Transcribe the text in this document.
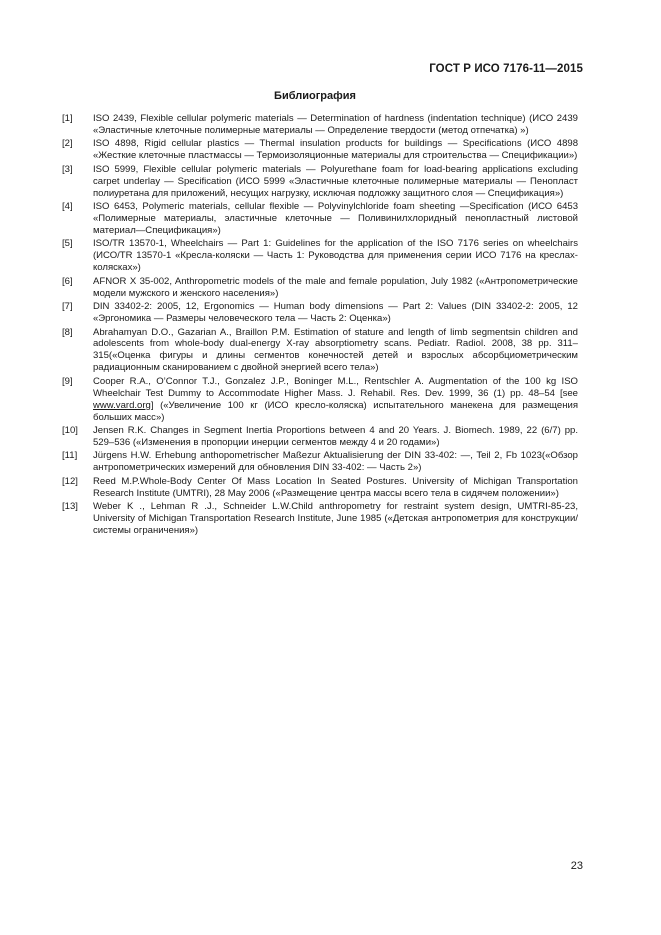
ГОСТ Р ИСО 7176-11—2015
Библиография
[1]	ISO 2439, Flexible cellular polymeric materials — Determination of hardness (indentation technique) (ИСО 2439 «Эластичные клеточные полимерные материалы — Определение твердости (метод отпечатка) »)
[2]	ISO 4898, Rigid cellular plastics — Thermal insulation products for buildings — Specifications (ИСО 4898 «Жесткие клеточные пластмассы — Термоизоляционные материалы для строительства — Спецификации»)
[3]	ISO 5999, Flexible cellular polymeric materials — Polyurethane foam for load-bearing applications excluding carpet underlay — Specification (ИСО 5999 «Эластичные клеточные полимерные материалы — Пенопласт полиуретана для приложений, несущих нагрузку, исключая подложку защитного слоя — Спецификация»)
[4]	ISO 6453, Polymeric materials, cellular flexible — Polyvinylchloride foam sheeting —Specification (ИСО 6453 «Полимерные материалы, эластичные клеточные — Поливинилхлоридный пенопластный листовой материал—Спецификация»)
[5]	ISO/TR 13570-1, Wheelchairs — Part 1: Guidelines for the application of the ISO 7176 series on wheelchairs (ИСО/TR 13570-1 «Кресла-коляски — Часть 1: Руководства для применения серии ИСО 7176 на креслах-колясках»)
[6]	AFNOR X 35-002, Anthropometric models of the male and female population, July 1982 («Антропометрические модели мужского и женского населения»)
[7]	DIN 33402-2: 2005, 12, Ergonomics — Human body dimensions — Part 2: Values (DIN 33402-2: 2005, 12 «Эргономика — Размеры человеческого тела — Часть 2: Оценка»)
[8]	Abrahamyan D.O., Gazarian A., Braillon P.M. Estimation of stature and length of limb segmentsin children and adolescents from whole-body dual-energy X-ray absorptiometry scans. Pediatr. Radiol. 2008, 38 pp. 311–315(«Оценка фигуры и длины сегментов конечностей детей и взрослых абсорбциометрическим радиационным сканированием с двойной энергией всего тела»)
[9]	Cooper R.A., O’Connor T.J., Gonzalez J.P., Boninger M.L., Rentschler A. Augmentation of the 100 kg ISO Wheelchair Test Dummy to Accommodate Higher Mass. J. Rehabil. Res. Dev. 1999, 36 (1) pp. 48–54 [see www.vard.org] («Увеличение 100 кг (ИСО кресло-коляска) испытательного манекена для размещения больших масс»)
[10]	Jensen R.K. Changes in Segment Inertia Proportions between 4 and 20 Years. J. Biomech. 1989, 22 (6/7) pp. 529–536 («Изменения в пропорции инерции сегментов между 4 и 20 годами»)
[11]	Jürgens H.W. Erhebung anthopometrischer Maßezur Aktualisierung der DIN 33-402: —, Teil 2, Fb 1023(«Обзор антропометрических измерений для обновления DIN 33-402: — Часть 2»)
[12]	Reed M.P.Whole-Body Center Of Mass Location In Seated Postures. University of Michigan Transportation Research Institute (UMTRI), 28 May 2006 («Размещение центра массы всего тела в сидячем положении»)
[13]	Weber K ., Lehman R .J., Schneider L.W.Child anthropometry for restraint system design, UMTRI-85-23, University of Michigan Transportation Research Institute, June 1985 («Детская антропометрия для конструкции/системы ограничения»)
23
